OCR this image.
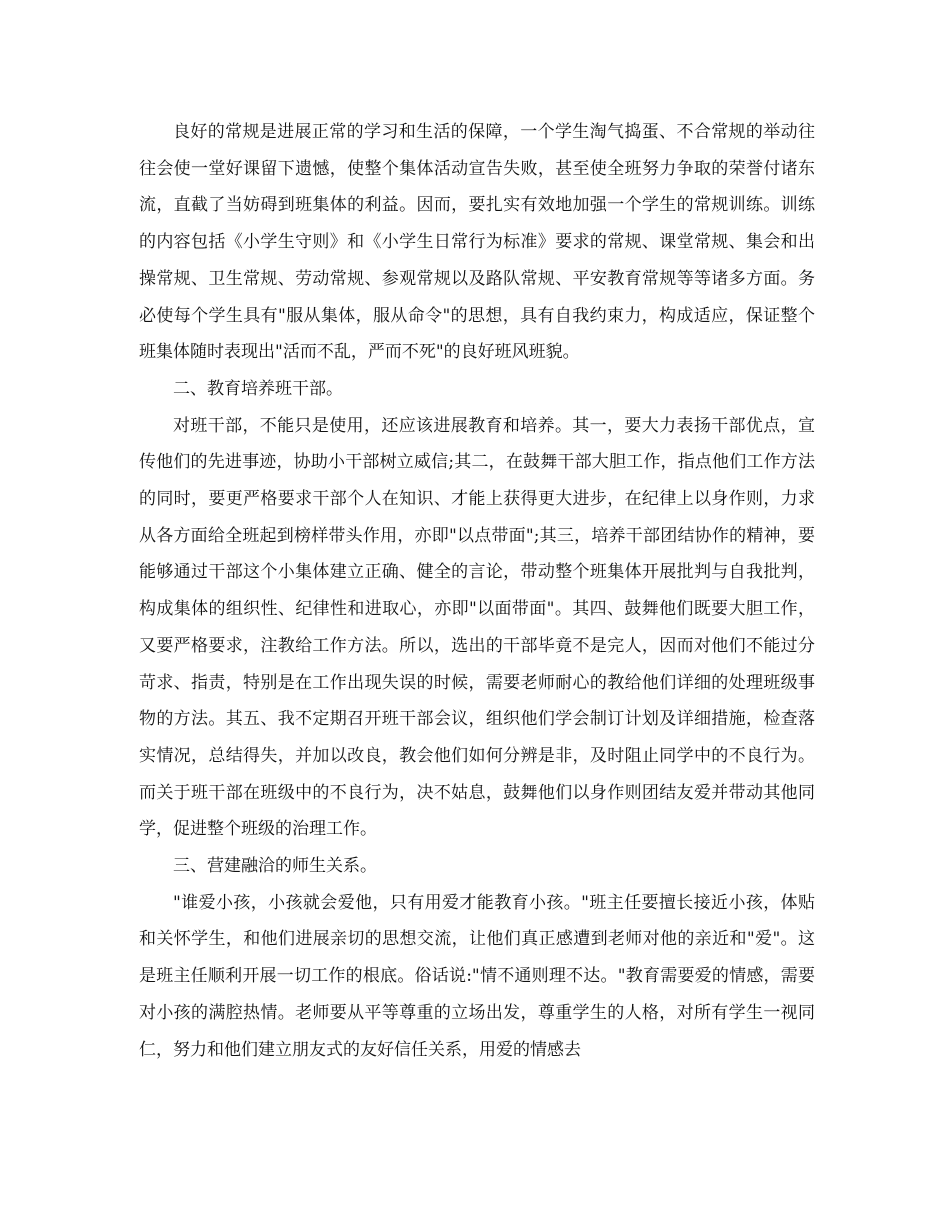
良好的常规是进展正常的学习和生活的保障，一个学生淘气捣蛋、不合常规的举动往往会使一堂好课留下遗憾，使整个集体活动宣告失败，甚至使全班努力争取的荣誉付诸东流，直截了当妨碍到班集体的利益。因而，要扎实有效地加强一个学生的常规训练。训练的内容包括《小学生守则》和《小学生日常行为标准》要求的常规、课堂常规、集会和出操常规、卫生常规、劳动常规、参观常规以及路队常规、平安教育常规等等诸多方面。务必使每个学生具有"服从集体，服从命令"的思想，具有自我约束力，构成适应，保证整个班集体随时表现出"活而不乱，严而不死"的良好班风班貌。

二、教育培养班干部。

对班干部，不能只是使用，还应该进展教育和培养。其一，要大力表扬干部优点，宣传他们的先进事迹，协助小干部树立威信;其二，在鼓舞干部大胆工作，指点他们工作方法的同时，要更严格要求干部个人在知识、才能上获得更大进步，在纪律上以身作则，力求从各方面给全班起到榜样带头作用，亦即"以点带面";其三，培养干部团结协作的精神，要能够通过干部这个小集体建立正确、健全的言论，带动整个班集体开展批判与自我批判，构成集体的组织性、纪律性和进取心，亦即"以面带面"。其四、鼓舞他们既要大胆工作，又要严格要求，注教给工作方法。所以，选出的干部毕竟不是完人，因而对他们不能过分苛求、指责，特别是在工作出现失误的时候，需要老师耐心的教给他们详细的处理班级事物的方法。其五、我不定期召开班干部会议，组织他们学会制订计划及详细措施，检查落实情况，总结得失，并加以改良，教会他们如何分辨是非，及时阻止同学中的不良行为。而关于班干部在班级中的不良行为，决不姑息，鼓舞他们以身作则团结友爱并带动其他同学，促进整个班级的治理工作。

三、营建融洽的师生关系。

"谁爱小孩，小孩就会爱他，只有用爱才能教育小孩。"班主任要擅长接近小孩，体贴和关怀学生，和他们进展亲切的思想交流，让他们真正感遭到老师对他的亲近和"爱"。这是班主任顺利开展一切工作的根底。俗话说:"情不通则理不达。"教育需要爱的情感，需要对小孩的满腔热情。老师要从平等尊重的立场出发，尊重学生的人格，对所有学生一视同仁，努力和他们建立朋友式的友好信任关系，用爱的情感去
